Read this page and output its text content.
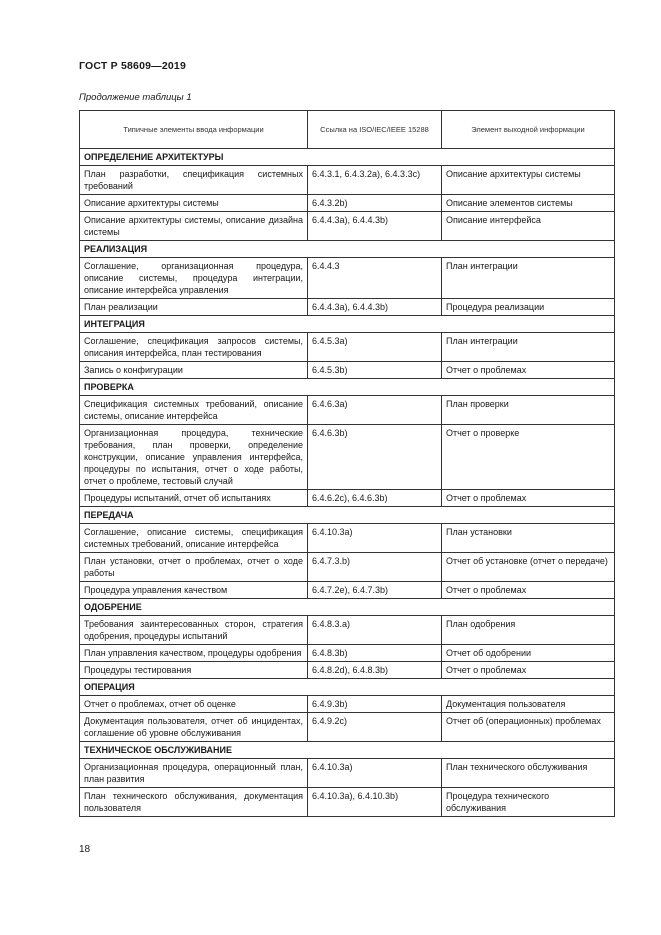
ГОСТ Р 58609—2019
Продолжение таблицы 1
Типичные элементы ввода информации	Ссылка на ISO/IEC/IEEE 15288	Элемент выходной информации
ОПРЕДЕЛЕНИЕ АРХИТЕКТУРЫ		
План разработки, спецификация системных требований	6.4.3.1, 6.4.3.2а), 6.4.3.3с)	Описание архитектуры системы
Описание архитектуры системы	6.4.3.2b)	Описание элементов системы
Описание архитектуры системы, описание дизайна системы	6.4.4.3а), 6.4.4.3b)	Описание интерфейса
РЕАЛИЗАЦИЯ		
Соглашение, организационная процедура, описание системы, процедура интеграции, описание интерфейса управления	6.4.4.3	План интеграции
План реализации	6.4.4.3а), 6.4.4.3b)	Процедура реализации
ИНТЕГРАЦИЯ		
Соглашение, спецификация запросов системы, описания интерфейса, план тестирования	6.4.5.3а)	План интеграции
Запись о конфигурации	6.4.5.3b)	Отчет о проблемах
ПРОВЕРКА		
Спецификация системных требований, описание системы, описание интерфейса	6.4.6.3а)	План проверки
Организационная процедура, технические требования, план проверки, определение конструкции, описание управления интерфейса, процедуры по испытания, отчет о ходе работы, отчет о проблеме, тестовый случай	6.4.6.3b)	Отчет о проверке
Процедуры испытаний, отчет об испытаниях	6.4.6.2с), 6.4.6.3b)	Отчет о проблемах
ПЕРЕДАЧА		
Соглашение, описание системы, спецификация системных требований, описание интерфейса	6.4.10.3а)	План установки
План установки, отчет о проблемах, отчет о ходе работы	6.4.7.3.b)	Отчет об установке (отчет о передаче)
Процедура управления качеством	6.4.7.2е), 6.4.7.3b)	Отчет о проблемах
ОДОБРЕНИЕ		
Требования заинтересованных сторон, стратегия одобрения, процедуры испытаний	6.4.8.3.а)	План одобрения
План управления качеством, процедуры одобрения	6.4.8.3b)	Отчет об одобрении
Процедуры тестирования	6.4.8.2d), 6.4.8.3b)	Отчет о проблемах
ОПЕРАЦИЯ		
Отчет о проблемах, отчет об оценке	6.4.9.3b)	Документация пользователя
Документация пользователя, отчет об инцидентах, соглашение об уровне обслуживания	6.4.9.2с)	Отчет об (операционных) проблемах
ТЕХНИЧЕСКОЕ ОБСЛУЖИВАНИЕ		
Организационная процедура, операционный план, план развития	6.4.10.3а)	План технического обслуживания
План технического обслуживания, документация пользователя	6.4.10.3а), 6.4.10.3b)	Процедура технического обслуживания
18
